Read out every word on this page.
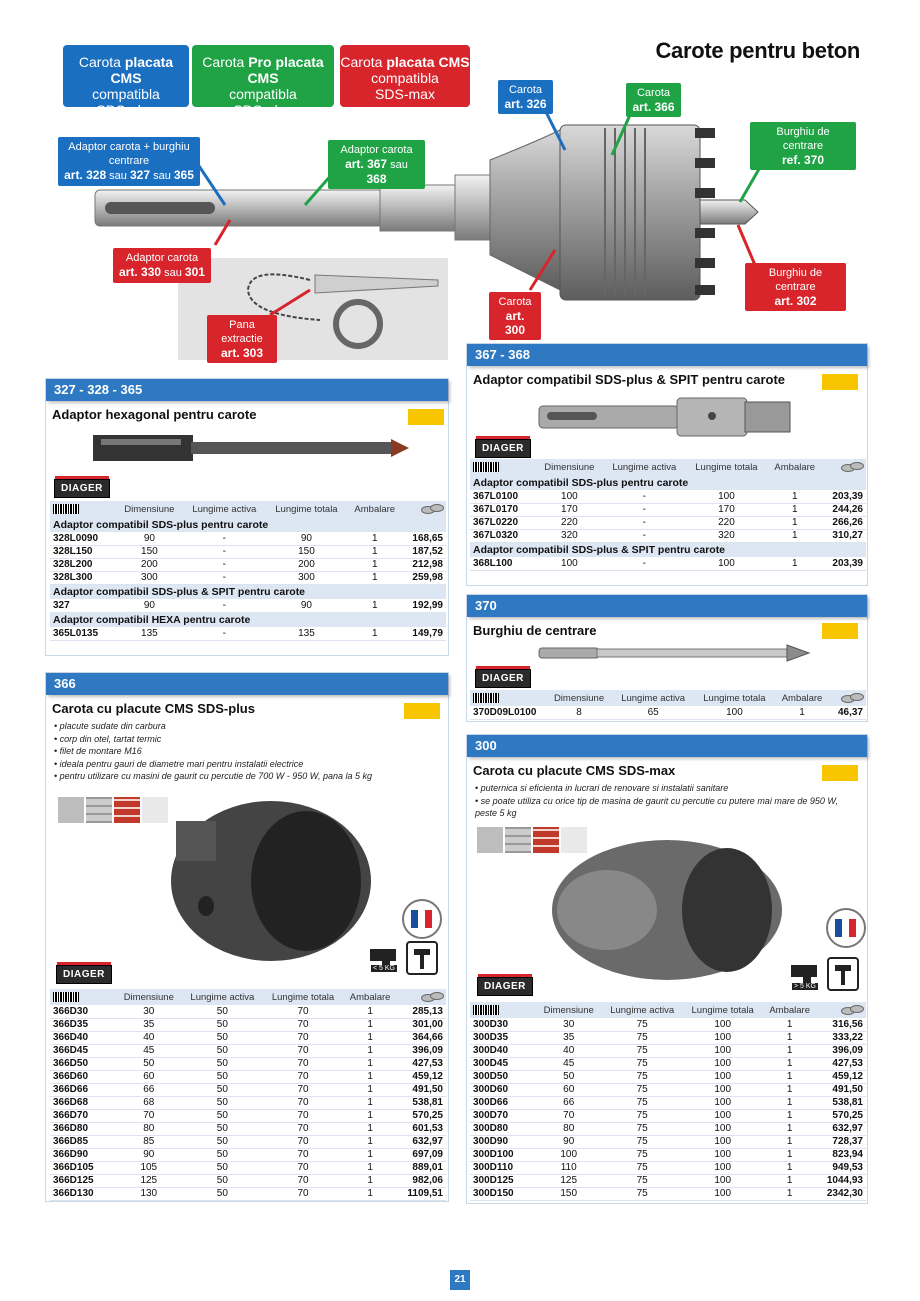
Carote pentru beton
Carota placata CMS
compatibla
SDS-plus
Carota Pro placata CMS
compatibla
SDS-plus
Carota placata CMS
compatibla
SDS-max
Adaptor carota + burghiu centrare
art. 328 sau 327 sau 365
Adaptor carota
art. 367 sau 368
Carota
art. 326
Carota
art. 366
Burghiu de centrare
ref. 370
Adaptor carota
art. 330 sau 301
Pana extractie
art. 303
Carota
art. 300
Burghiu de centrare
art. 302
327 - 328 - 365
Adaptor hexagonal pentru carote
DIAGER
	Dimensiune	Lungime activa	Lungime totala	Ambalare	
Adaptor compatibil SDS-plus pentru carote					
328L0090	90	-	90	1	168,65
328L150	150	-	150	1	187,52
328L200	200	-	200	1	212,98
328L300	300	-	300	1	259,98
Adaptor compatibil SDS-plus & SPIT pentru carote					
327	90	-	90	1	192,99
Adaptor compatibil HEXA pentru carote					
365L0135	135	-	135	1	149,79
367 - 368
Adaptor compatibil SDS-plus & SPIT pentru carote
DIAGER
	Dimensiune	Lungime activa	Lungime totala	Ambalare	
Adaptor compatibil SDS-plus pentru carote					
367L0100	100	-	100	1	203,39
367L0170	170	-	170	1	244,26
367L0220	220	-	220	1	266,26
367L0320	320	-	320	1	310,27
Adaptor compatibil SDS-plus & SPIT pentru carote					
368L100	100	-	100	1	203,39
370
Burghiu de centrare
DIAGER
	Dimensiune	Lungime activa	Lungime totala	Ambalare	
370D09L0100	8	65	100	1	46,37
366
Carota cu placute CMS SDS-plus
• placute sudate din carbura
• corp din otel, tartat termic
• filet de montare M16
• ideala pentru gauri de diametre mari pentru instalatii electrice
• pentru utilizare cu masini de gaurit cu percutie de 700 W - 950 W, pana la 5 kg
< 5 KG
DIAGER
	Dimensiune	Lungime activa	Lungime totala	Ambalare	
366D30	30	50	70	1	285,13
366D35	35	50	70	1	301,00
366D40	40	50	70	1	364,66
366D45	45	50	70	1	396,09
366D50	50	50	70	1	427,53
366D60	60	50	70	1	459,12
366D66	66	50	70	1	491,50
366D68	68	50	70	1	538,81
366D70	70	50	70	1	570,25
366D80	80	50	70	1	601,53
366D85	85	50	70	1	632,97
366D90	90	50	70	1	697,09
366D105	105	50	70	1	889,01
366D125	125	50	70	1	982,06
366D130	130	50	70	1	1109,51
300
Carota cu placute CMS SDS-max
• puternica si eficienta in lucrari de renovare si instalatii sanitare
• se poate utiliza cu orice tip de masina de gaurit cu percutie cu putere mai mare de 950 W, peste 5 kg
> 5 KG
DIAGER
	Dimensiune	Lungime activa	Lungime totala	Ambalare	
300D30	30	75	100	1	316,56
300D35	35	75	100	1	333,22
300D40	40	75	100	1	396,09
300D45	45	75	100	1	427,53
300D50	50	75	100	1	459,12
300D60	60	75	100	1	491,50
300D66	66	75	100	1	538,81
300D70	70	75	100	1	570,25
300D80	80	75	100	1	632,97
300D90	90	75	100	1	728,37
300D100	100	75	100	1	823,94
300D110	110	75	100	1	949,53
300D125	125	75	100	1	1044,93
300D150	150	75	100	1	2342,30
21
